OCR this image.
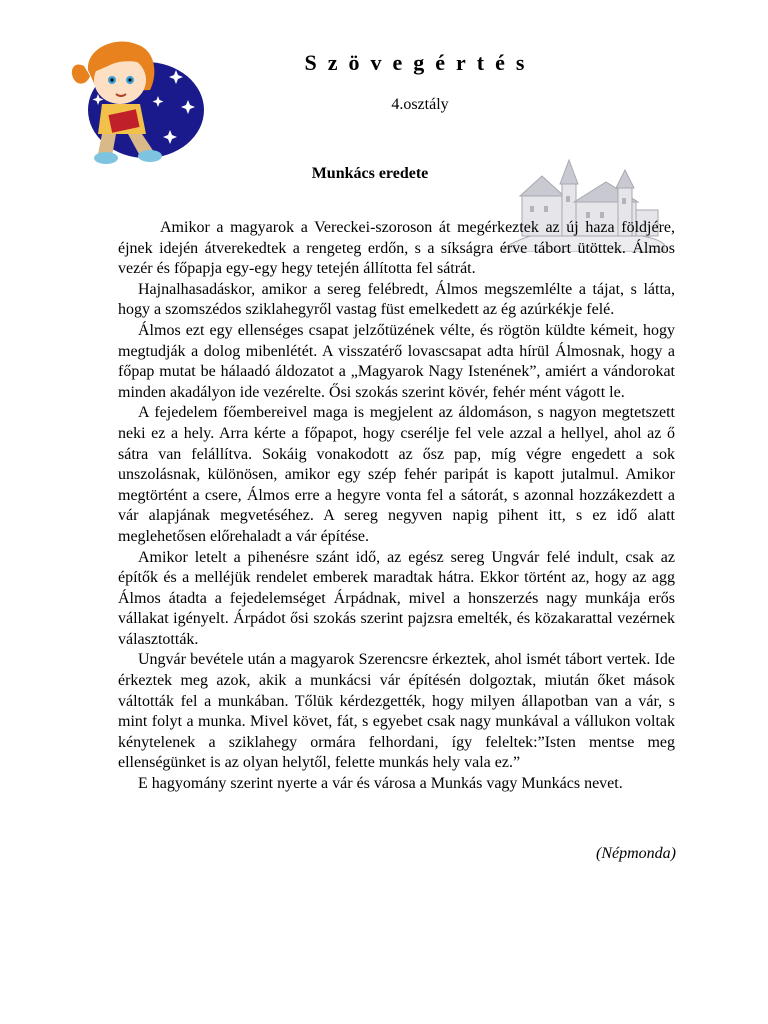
Szövegértés
4.osztály
Munkács eredete

Amikor a magyarok a Vereckei-szoroson át megérkeztek az új haza földjére, éjnek idején átverekedtek a rengeteg erdőn, s a síkságra érve tábort ütöttek. Álmos vezér és főpapja egy-egy hegy tetején állította fel sátrát.

Hajnalhasadáskor, amikor a sereg felébredt, Álmos megszemlélte a tájat, s látta, hogy a szomszédos sziklahegyről vastag füst emelkedett az ég azúrkékje felé.

Álmos ezt egy ellenséges csapat jelzőtüzének vélte, és rögtön küldte kémeit, hogy megtudják a dolog mibenlétét. A visszatérő lovascsapat adta hírül Álmosnak, hogy a főpap mutat be hálaadó áldozatot a „Magyarok Nagy Istenének”, amiért a vándorokat minden akadályon ide vezérelte. Ősi szokás szerint kövér, fehér mént vágott le.

A fejedelem főembereivel maga is megjelent az áldomáson, s nagyon megtetszett neki ez a hely. Arra kérte a főpapot, hogy cserélje fel vele azzal a hellyel, ahol az ő sátra van felállítva. Sokáig vonakodott az ősz pap, míg végre engedett a sok unszolásnak, különösen, amikor egy szép fehér paripát is kapott jutalmul. Amikor megtörtént a csere, Álmos erre a hegyre vonta fel a sátorát, s azonnal hozzákezdett a vár alapjának megvetéséhez. A sereg negyven napig pihent itt, s ez idő alatt meglehetősen előrehaladt a vár építése.

Amikor letelt a pihenésre szánt idő, az egész sereg Ungvár felé indult, csak az építők és a melléjük rendelet emberek maradtak hátra. Ekkor történt az, hogy az agg Álmos átadta a fejedelemséget Árpádnak, mivel a honszerzés nagy munkája erős vállakat igényelt. Árpádot ősi szokás szerint pajzsra emelték, és közakarattal vezérnek választották.

Ungvár bevétele után a magyarok Szerencsre érkeztek, ahol ismét tábort vertek. Ide érkeztek meg azok, akik a munkácsi vár építésén dolgoztak, miután őket mások váltották fel a munkában. Tőlük kérdezgették, hogy milyen állapotban van a vár, s mint folyt a munka. Mivel követ, fát, s egyebet csak nagy munkával a vállukon voltak kénytelenek a sziklahegy ormára felhordani, így feleltek:”Isten mentse meg ellenségünket is az olyan helytől, felette munkás hely vala ez.”

E hagyomány szerint nyerte a vár és városa a Munkás vagy Munkács nevet.

(Népmonda)
